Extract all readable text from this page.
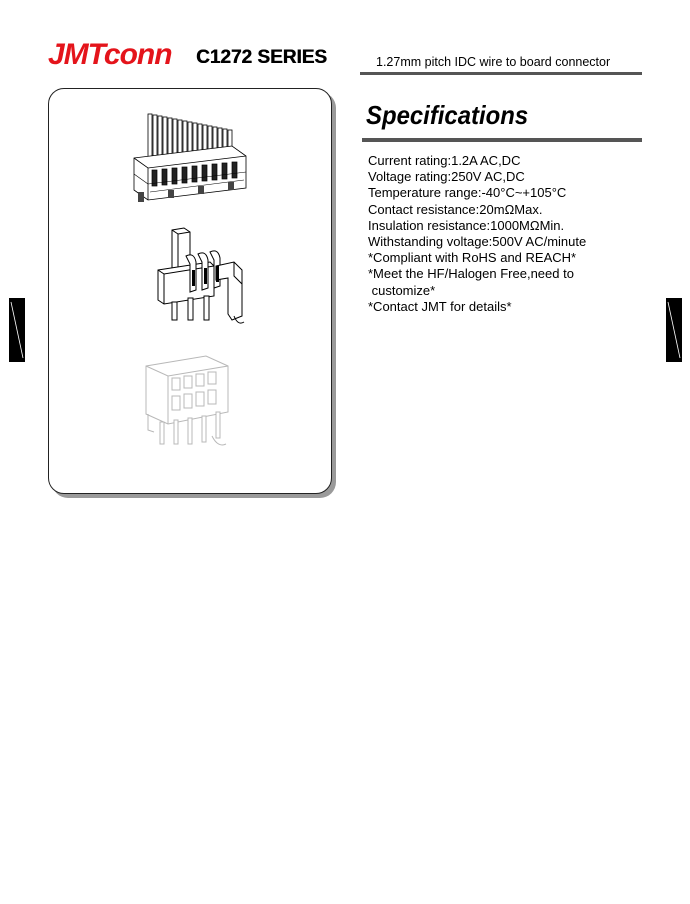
JMTconn C1272 SERIES	1.27mm pitch IDC wire to board connector
Specifications
Current rating:1.2A AC,DC
Voltage rating:250V AC,DC
Temperature range:-40°C~+105°C
Contact resistance:20mΩMax.
Insulation resistance:1000MΩMin.
Withstanding voltage:500V AC/minute
*Compliant with RoHS and REACH*
*Meet the HF/Halogen Free,need to
customize*
*Contact JMT for details*
